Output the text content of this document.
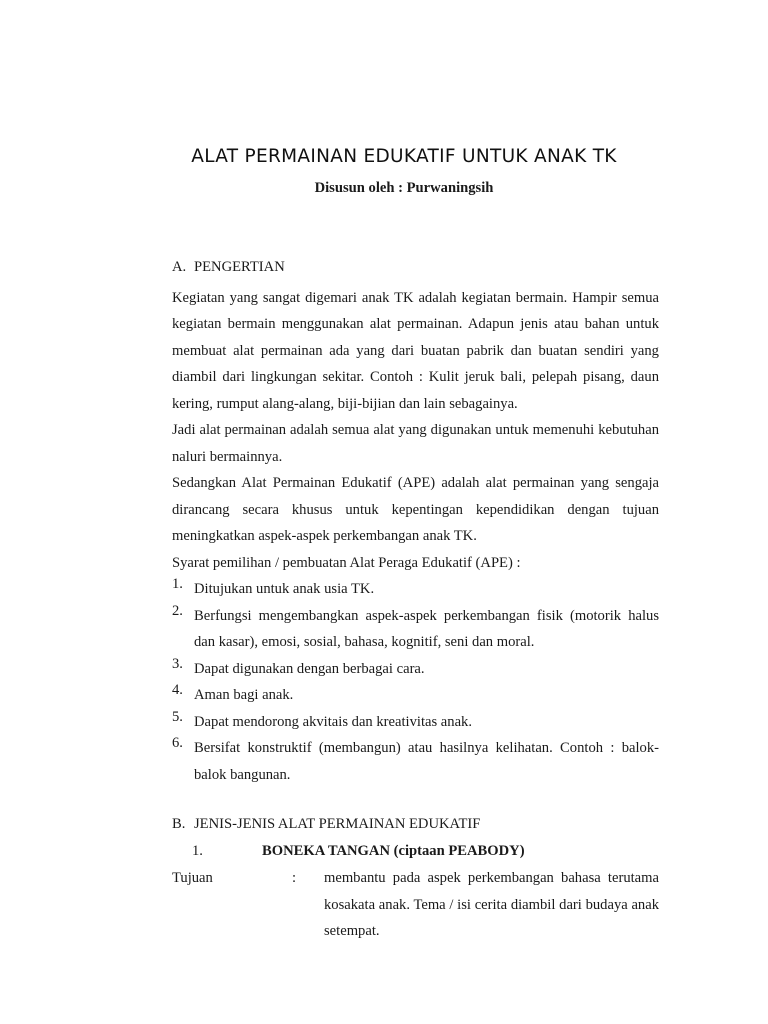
ALAT PERMAINAN EDUKATIF UNTUK ANAK TK
Disusun oleh : Purwaningsih
A. PENGERTIAN

Kegiatan yang sangat digemari anak TK adalah kegiatan bermain. Hampir semua kegiatan bermain menggunakan alat permainan. Adapun jenis atau bahan untuk membuat alat permainan ada yang dari buatan pabrik dan buatan sendiri yang diambil dari lingkungan sekitar. Contoh : Kulit jeruk bali, pelepah pisang, daun kering, rumput alang-alang, biji-bijian dan lain sebagainya.

Jadi alat permainan adalah semua alat yang digunakan untuk memenuhi kebutuhan naluri bermainnya.

Sedangkan Alat Permainan Edukatif (APE) adalah alat permainan yang sengaja dirancang secara khusus untuk kepentingan kependidikan dengan tujuan meningkatkan aspek-aspek perkembangan anak TK.

Syarat pemilihan / pembuatan Alat Peraga Edukatif (APE) :

1. Ditujukan untuk anak usia TK.
2. Berfungsi mengembangkan aspek-aspek perkembangan fisik (motorik halus dan kasar), emosi, sosial, bahasa, kognitif, seni dan moral.
3. Dapat digunakan dengan berbagai cara.
4. Aman bagi anak.
5. Dapat mendorong akvitais dan kreativitas anak.
6. Bersifat konstruktif (membangun) atau hasilnya kelihatan. Contoh : balok-balok bangunan.
B. JENIS-JENIS ALAT PERMAINAN EDUKATIF
1.	BONEKA TANGAN (ciptaan PEABODY)
Tujuan	:	membantu pada aspek perkembangan bahasa terutama kosakata anak. Tema / isi cerita diambil dari budaya anak setempat.
